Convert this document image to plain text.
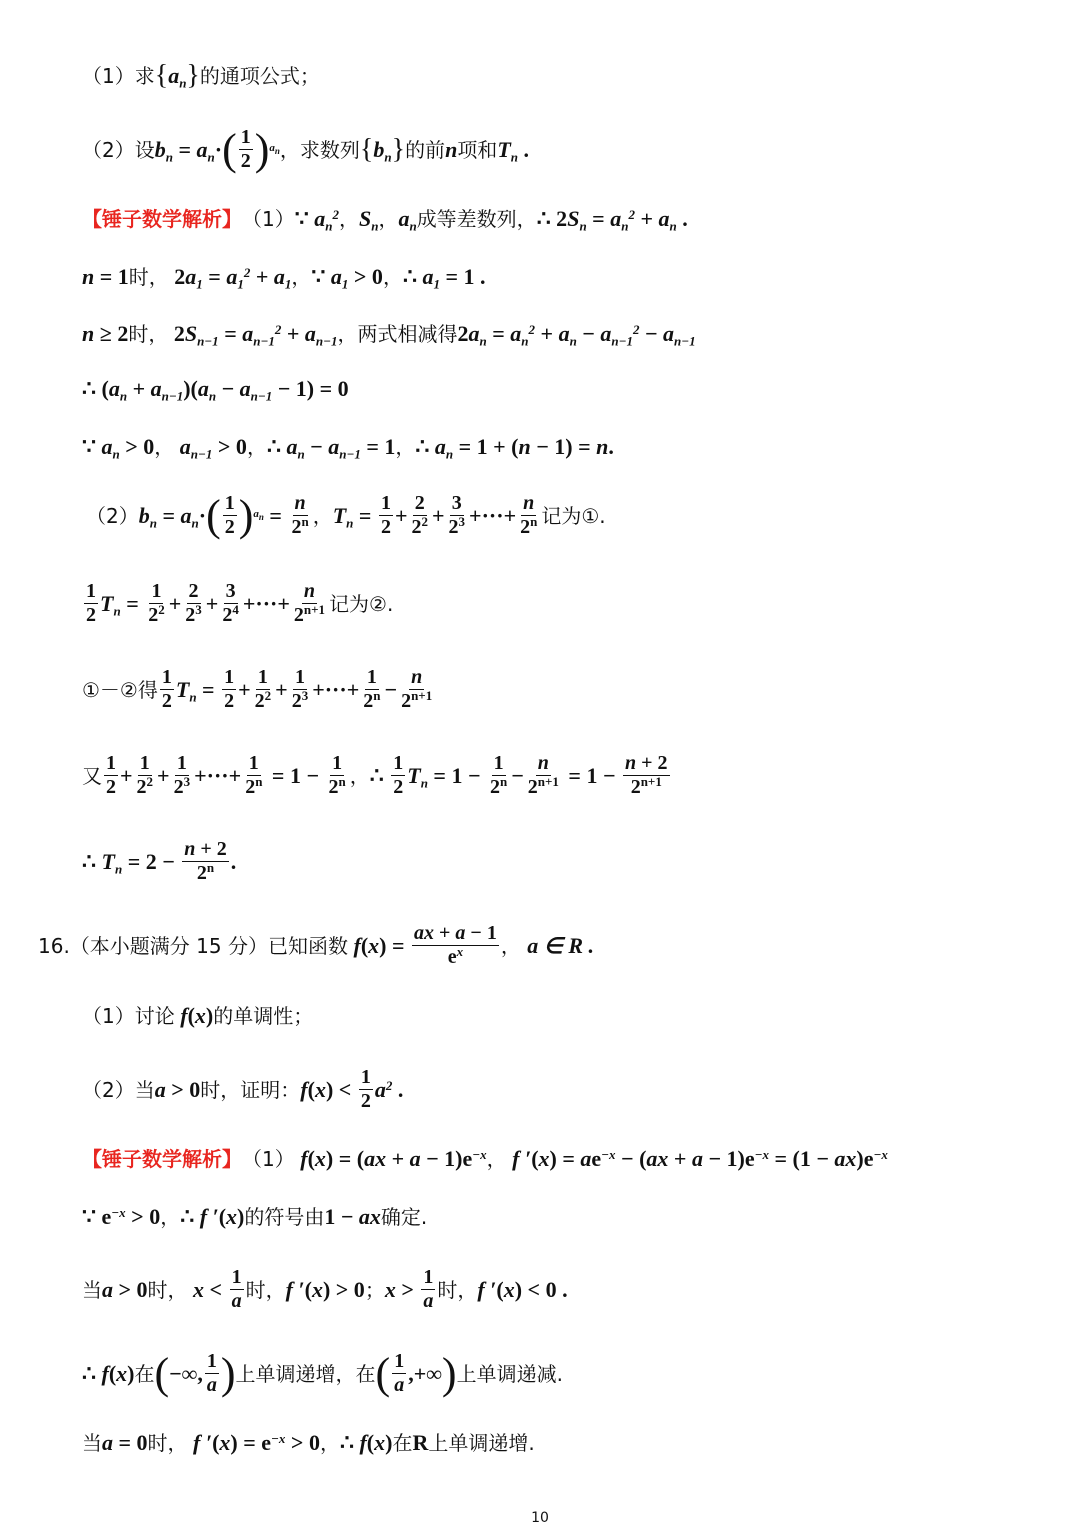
（1）求 { $a_n$ } 的通项公式；
（2）设 $b_n = a_n$ · ( $\frac{1}{2}$ ) $a_n$ ，求数列 { $b_n$ } 的前 n 项和 $T_n$ .
【锤子数学解析】 （1） ∵ $a_n^2$ ， $S_n$ ， $a_n$ 成等差数列， ∴ 2 $S_n = a_n^2 + a_n$ .
n = 1 时， 2 $a_1 = a_1^2 + a_1$ ， ∵ $a_1 > 0$ ， ∴ $a_1 = 1$ .
n ≥ 2 时， 2 $S_{n-1} = a_{n-1}^2 + a_{n-1}$ ， 两式相减得 2 $a_n = a_n^2 + a_n - a_{n-1}^2 - a_{n-1}$
∴ ( $a_n + a_{n-1}$ )( $a_n - a_{n-1} - 1) = 0$
∵ $a_n > 0$ ， $a_{n-1} > 0$ ， ∴ $a_n - a_{n-1} = 1$ ， ∴ $a_n = 1$ + ( n − 1) = n .
（2） $b_n = a_n$ · ( $\frac{1}{2}$ ) $a_n = \frac{n}{2^n}$ ， $T_n = \frac{1}{2} + \frac{2}{2^2} + \frac{3}{2^3}$ +···+ $\frac{n}{2^n}$ 记为①.
$\frac{1}{2} T_n = \frac{1}{2^2} + \frac{2}{2^3} + \frac{3}{2^4}$ +···+ $\frac{n}{2^{n+1}}$ 记为②.
①－②得 $\frac{1}{2} T_n = \frac{1}{2} + \frac{1}{2^2} + \frac{1}{2^3}$ +···+ $\frac{1}{2^n} - \frac{n}{2^{n+1}}$
又 $\frac{1}{2} + \frac{1}{2^2} + \frac{1}{2^3}$ +···+ $\frac{1}{2^n} = 1 - \frac{1}{2^n}$ ， ∴ $\frac{1}{2} T_n = 1 - \frac{1}{2^n} - \frac{n}{2^{n+1}} = 1 - \frac{n + 2}{2^{n+1}}$
∴ $T_n = 2 - \frac{n + 2}{2^n}$ .
16. （本小题满分 15 分）已知函数 f ( x ) = $\frac{ax + a - 1}{e^x}$ ， a ∈ R .
（1）讨论 f ( x ) 的单调性；
（2）当 a > 0 时，证明： f ( x ) < $\frac{1}{2} a^2$ .
【锤子数学解析】 （1） f ( x ) = ( ax + $a - 1)e^{-x}$ ， f ′ ( x ) = a $e^{-x}$ − ( ax + $a - 1)e^{-x} = (1$ − ax )$e^{-x}$
∵ $e^{-x} > 0$ ， ∴ f ′ ( x ) 的符号由 1 − ax 确定.
当 a > 0 时， $x < \frac{1}{a}$ 时， f ′ ( x ) > 0 ； $x > \frac{1}{a}$ 时， f ′ ( x ) < 0 .
∴ f ( x ) 在 ( −∞, $\frac{1}{a}$ ) 上单调递增，在 ( $\frac{1}{a}$ ,+∞ ) 上单调递减.
当 a = 0 时， f ′ ( x ) = $e^{-x} > 0$ ， ∴ f ( x ) 在 R 上单调递增.
10
